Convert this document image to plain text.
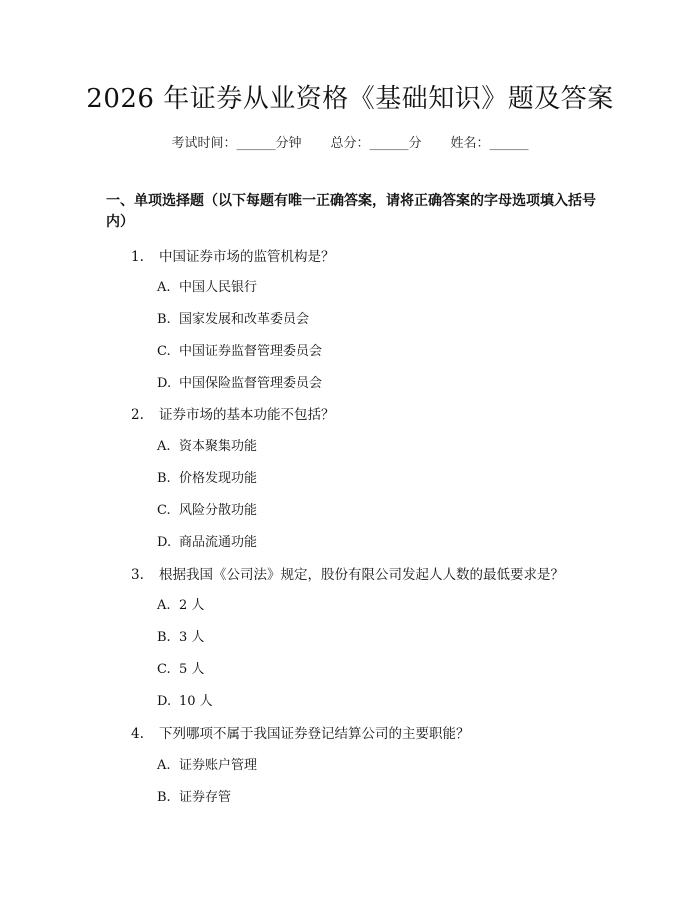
2026 年证券从业资格《基础知识》题及答案
考试时间：______分钟 总分：______分 姓名：______
一、单项选择题（以下每题有唯一正确答案，请将正确答案的字母选项填入括号内）
1. 中国证券市场的监管机构是？
A. 中国人民银行
B. 国家发展和改革委员会
C. 中国证券监督管理委员会
D. 中国保险监督管理委员会
2. 证券市场的基本功能不包括？
A. 资本聚集功能
B. 价格发现功能
C. 风险分散功能
D. 商品流通功能
3. 根据我国《公司法》规定，股份有限公司发起人人数的最低要求是？
A. 2 人
B. 3 人
C. 5 人
D. 10 人
4. 下列哪项不属于我国证券登记结算公司的主要职能？
A. 证券账户管理
B. 证券存管
